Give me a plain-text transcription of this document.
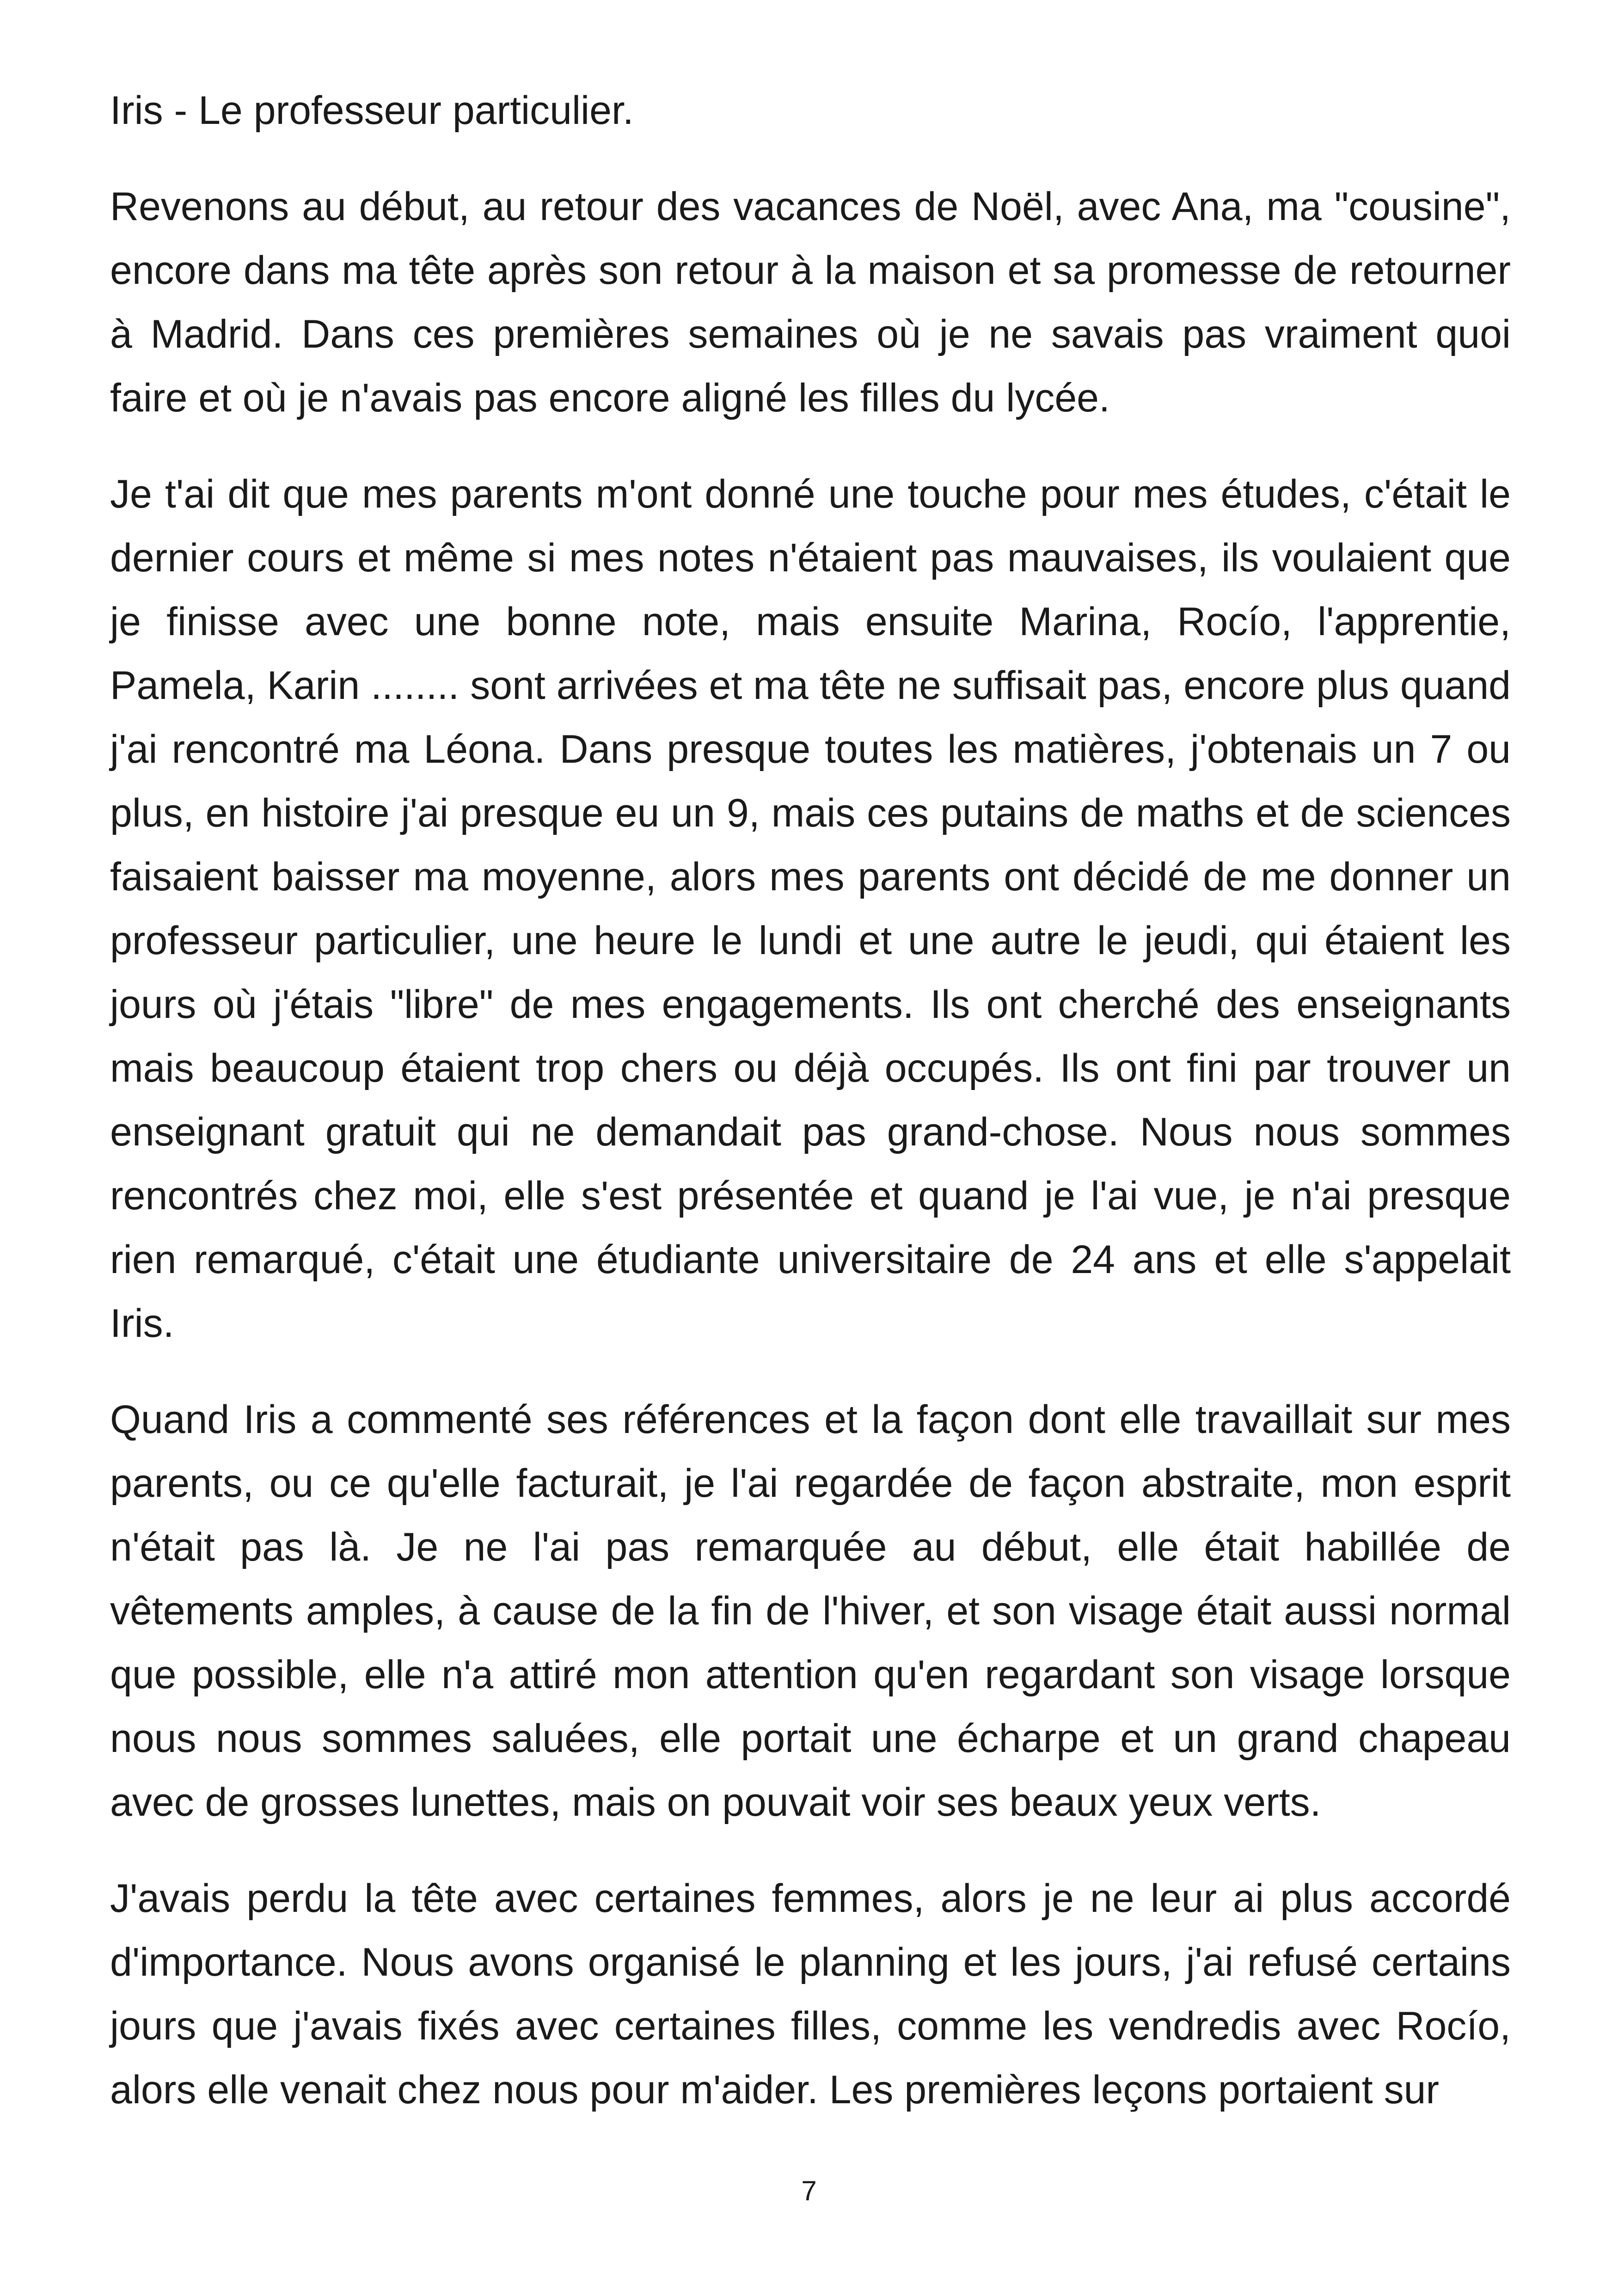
Iris - Le professeur particulier.

Revenons au début, au retour des vacances de Noël, avec Ana, ma "cousine", encore dans ma tête après son retour à la maison et sa promesse de retourner à Madrid. Dans ces premières semaines où je ne savais pas vraiment quoi faire et où je n'avais pas encore aligné les filles du lycée.

Je t'ai dit que mes parents m'ont donné une touche pour mes études, c'était le dernier cours et même si mes notes n'étaient pas mauvaises, ils voulaient que je finisse avec une bonne note, mais ensuite Marina, Rocío, l'apprentie, Pamela, Karin ........ sont arrivées et ma tête ne suffisait pas, encore plus quand j'ai rencontré ma Léona. Dans presque toutes les matières, j'obtenais un 7 ou plus, en histoire j'ai presque eu un 9, mais ces putains de maths et de sciences faisaient baisser ma moyenne, alors mes parents ont décidé de me donner un professeur particulier, une heure le lundi et une autre le jeudi, qui étaient les jours où j'étais "libre" de mes engagements. Ils ont cherché des enseignants mais beaucoup étaient trop chers ou déjà occupés. Ils ont fini par trouver un enseignant gratuit qui ne demandait pas grand-chose. Nous nous sommes rencontrés chez moi, elle s'est présentée et quand je l'ai vue, je n'ai presque rien remarqué, c'était une étudiante universitaire de 24 ans et elle s'appelait Iris.

Quand Iris a commenté ses références et la façon dont elle travaillait sur mes parents, ou ce qu'elle facturait, je l'ai regardée de façon abstraite, mon esprit n'était pas là. Je ne l'ai pas remarquée au début, elle était habillée de vêtements amples, à cause de la fin de l'hiver, et son visage était aussi normal que possible, elle n'a attiré mon attention qu'en regardant son visage lorsque nous nous sommes saluées, elle portait une écharpe et un grand chapeau avec de grosses lunettes, mais on pouvait voir ses beaux yeux verts.

J'avais perdu la tête avec certaines femmes, alors je ne leur ai plus accordé d'importance. Nous avons organisé le planning et les jours, j'ai refusé certains jours que j'avais fixés avec certaines filles, comme les vendredis avec Rocío, alors elle venait chez nous pour m'aider. Les premières leçons portaient sur

7
